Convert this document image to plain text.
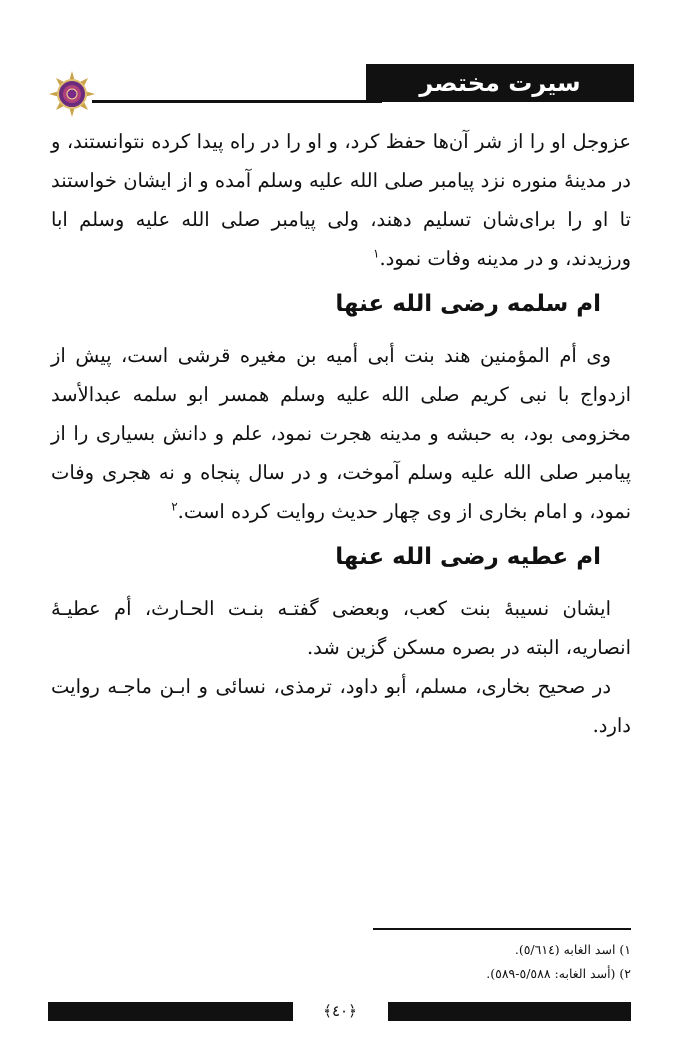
سیرت مختصر صحابیات

عزوجل او را از شر آن‌ها حفظ کرد، و او را در راه پیدا کرده نتوانستند، و در مدینهٔ منوره نزد پیامبر صلی الله علیه وسلم آمده و از ایشان خواستند تا او را برای‌شان تسلیم دهند، ولی پیامبر صلی الله علیه وسلم ابا ورزیدند، و در مدینه وفات نمود.$^١$

ام سلمه رضی الله عنها

وی أم المؤمنین هند بنت أبی أمیه بن مغیره قرشی است، پیش از ازدواج با نبی کریم صلی الله علیه وسلم همسر ابو سلمه عبدالأسد مخزومی بود، به حبشه و مدینه هجرت نمود، علم و دانش بسیاری را از پیامبر صلی الله علیه وسلم آموخت، و در سال پنجاه و نه هجری وفات نمود، و امام بخاری از وی چهار حدیث روایت کرده است.$^٢$

ام عطیه رضی الله عنها

ایشان نسیبهٔ بنت کعب، وبعضی گفتـه بنـت الحـارث، أم عطیـهٔ انصاریه، البته در بصره مسکن گزین شد.

در صحیح بخاری، مسلم، أبو داود، ترمذی، نسائی و ابـن ماجـه روایت دارد.

١) اسد الغابه (٥/٦١٤).
٢) (أسد الغابه: ٥/٥٨٨-٥٨٩).
﴿٤٠﴾
